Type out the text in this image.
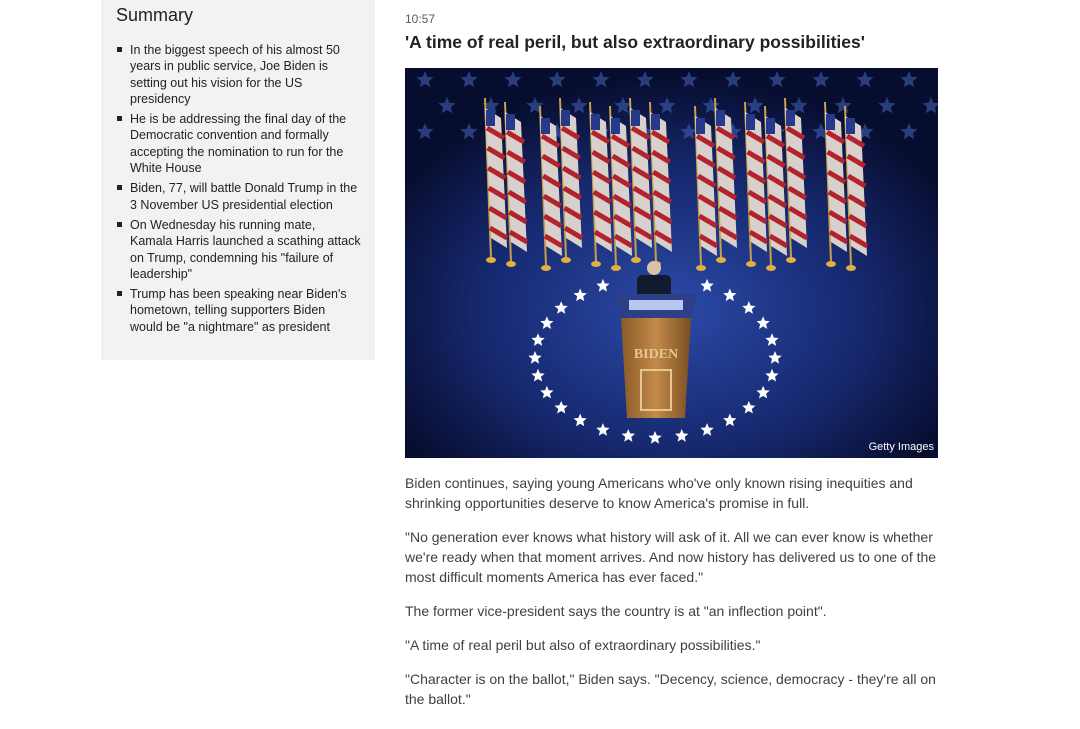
Summary
In the biggest speech of his almost 50 years in public service, Joe Biden is setting out his vision for the US presidency
He is be addressing the final day of the Democratic convention and formally accepting the nomination to run for the White House
Biden, 77, will battle Donald Trump in the 3 November US presidential election
On Wednesday his running mate, Kamala Harris launched a scathing attack on Trump, condemning his "failure of leadership"
Trump has been speaking near Biden's hometown, telling supporters Biden would be "a nightmare" as president
10:57
'A time of real peril, but also extraordinary possibilities'
BIDEN
Getty Images

Biden continues, saying young Americans who've only known rising inequities and shrinking opportunities deserve to know America's promise in full.

"No generation ever knows what history will ask of it. All we can ever know is whether we're ready when that moment arrives. And now history has delivered us to one of the most difficult moments America has ever faced."

The former vice-president says the country is at "an inflection point".

"A time of real peril but also of extraordinary possibilities."

"Character is on the ballot," Biden says. "Decency, science, democracy - they're all on the ballot."
